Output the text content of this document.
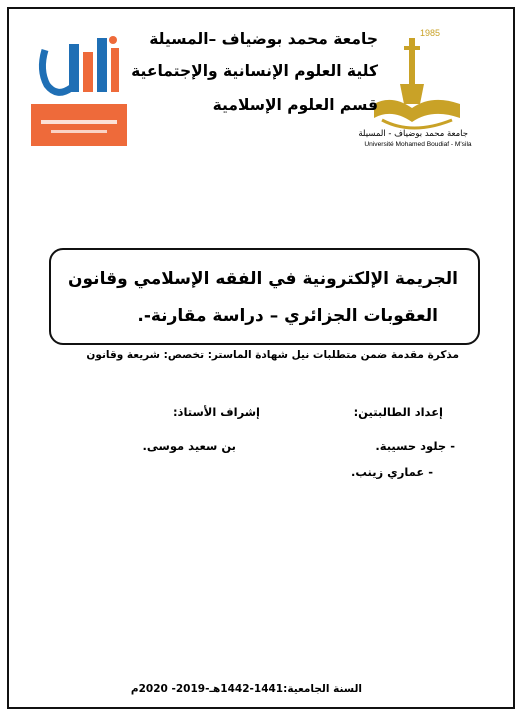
1985
جامعة محمد بوضياف - المسيلة
Université Mohamed Boudiaf - M'sila
جامعة محمد بوضياف –المسيلة
كلية العلوم الإنسانية والإجتماعية
قسم العلوم الإسلامية
الجريمة الإلكترونية في الفقه الإسلامي وقانون
العقوبات الجزائري – دراسة مقارنة-.
مذكرة مقدمة ضمن متطلبات نيل شهادة الماستر: تخصص: شريعة وقانون
إعداد الطالبتين:
إشراف الأستاذ:
- جلود حسيبة.
- عماري زينب.
بن سعيد موسى.
السنة الجامعية:1441-1442هـ-2019- 2020م
